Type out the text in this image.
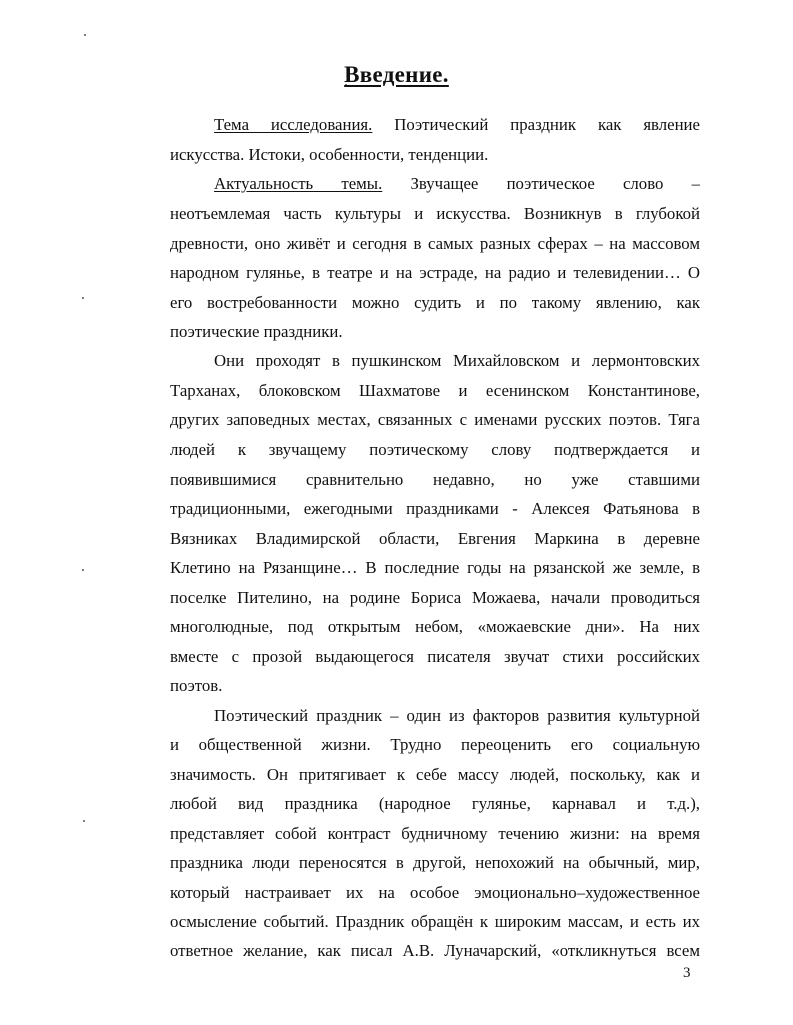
Введение.
Тема исследования. Поэтический праздник как явление
искусства. Истоки, особенности, тенденции.
Актуальность темы. Звучащее поэтическое слово –
неотъемлемая часть культуры и искусства. Возникнув в глубокой
древности, оно живёт и сегодня в самых разных сферах – на массовом
народном гулянье, в театре и на эстраде, на радио и телевидении… О
его востребованности можно судить и по такому явлению, как
поэтические праздники.
Они проходят в пушкинском Михайловском и лермонтовских
Тарханах, блоковском Шахматове и есенинском Константинове,
других заповедных местах, связанных с именами русских поэтов. Тяга
людей к звучащему поэтическому слову подтверждается и
появившимися сравнительно недавно, но уже ставшими
традиционными, ежегодными праздниками - Алексея Фатьянова в
Вязниках Владимирской области, Евгения Маркина в деревне
Клетино на Рязанщине… В последние годы на рязанской же земле, в
поселке Пителино, на родине Бориса Можаева, начали проводиться
многолюдные, под открытым небом, «можаевские дни». На них
вместе с прозой выдающегося писателя звучат стихи российских
поэтов.
Поэтический праздник – один из факторов развития культурной
и общественной жизни. Трудно переоценить его социальную
значимость. Он притягивает к себе массу людей, поскольку, как и
любой вид праздника (народное гулянье, карнавал и т.д.),
представляет собой контраст будничному течению жизни: на время
праздника люди переносятся в другой, непохожий на обычный, мир,
который настраивает их на особое эмоционально–художественное
осмысление событий. Праздник обращён к широким массам, и есть их
ответное желание, как писал А.В. Луначарский, «откликнуться всем
3
